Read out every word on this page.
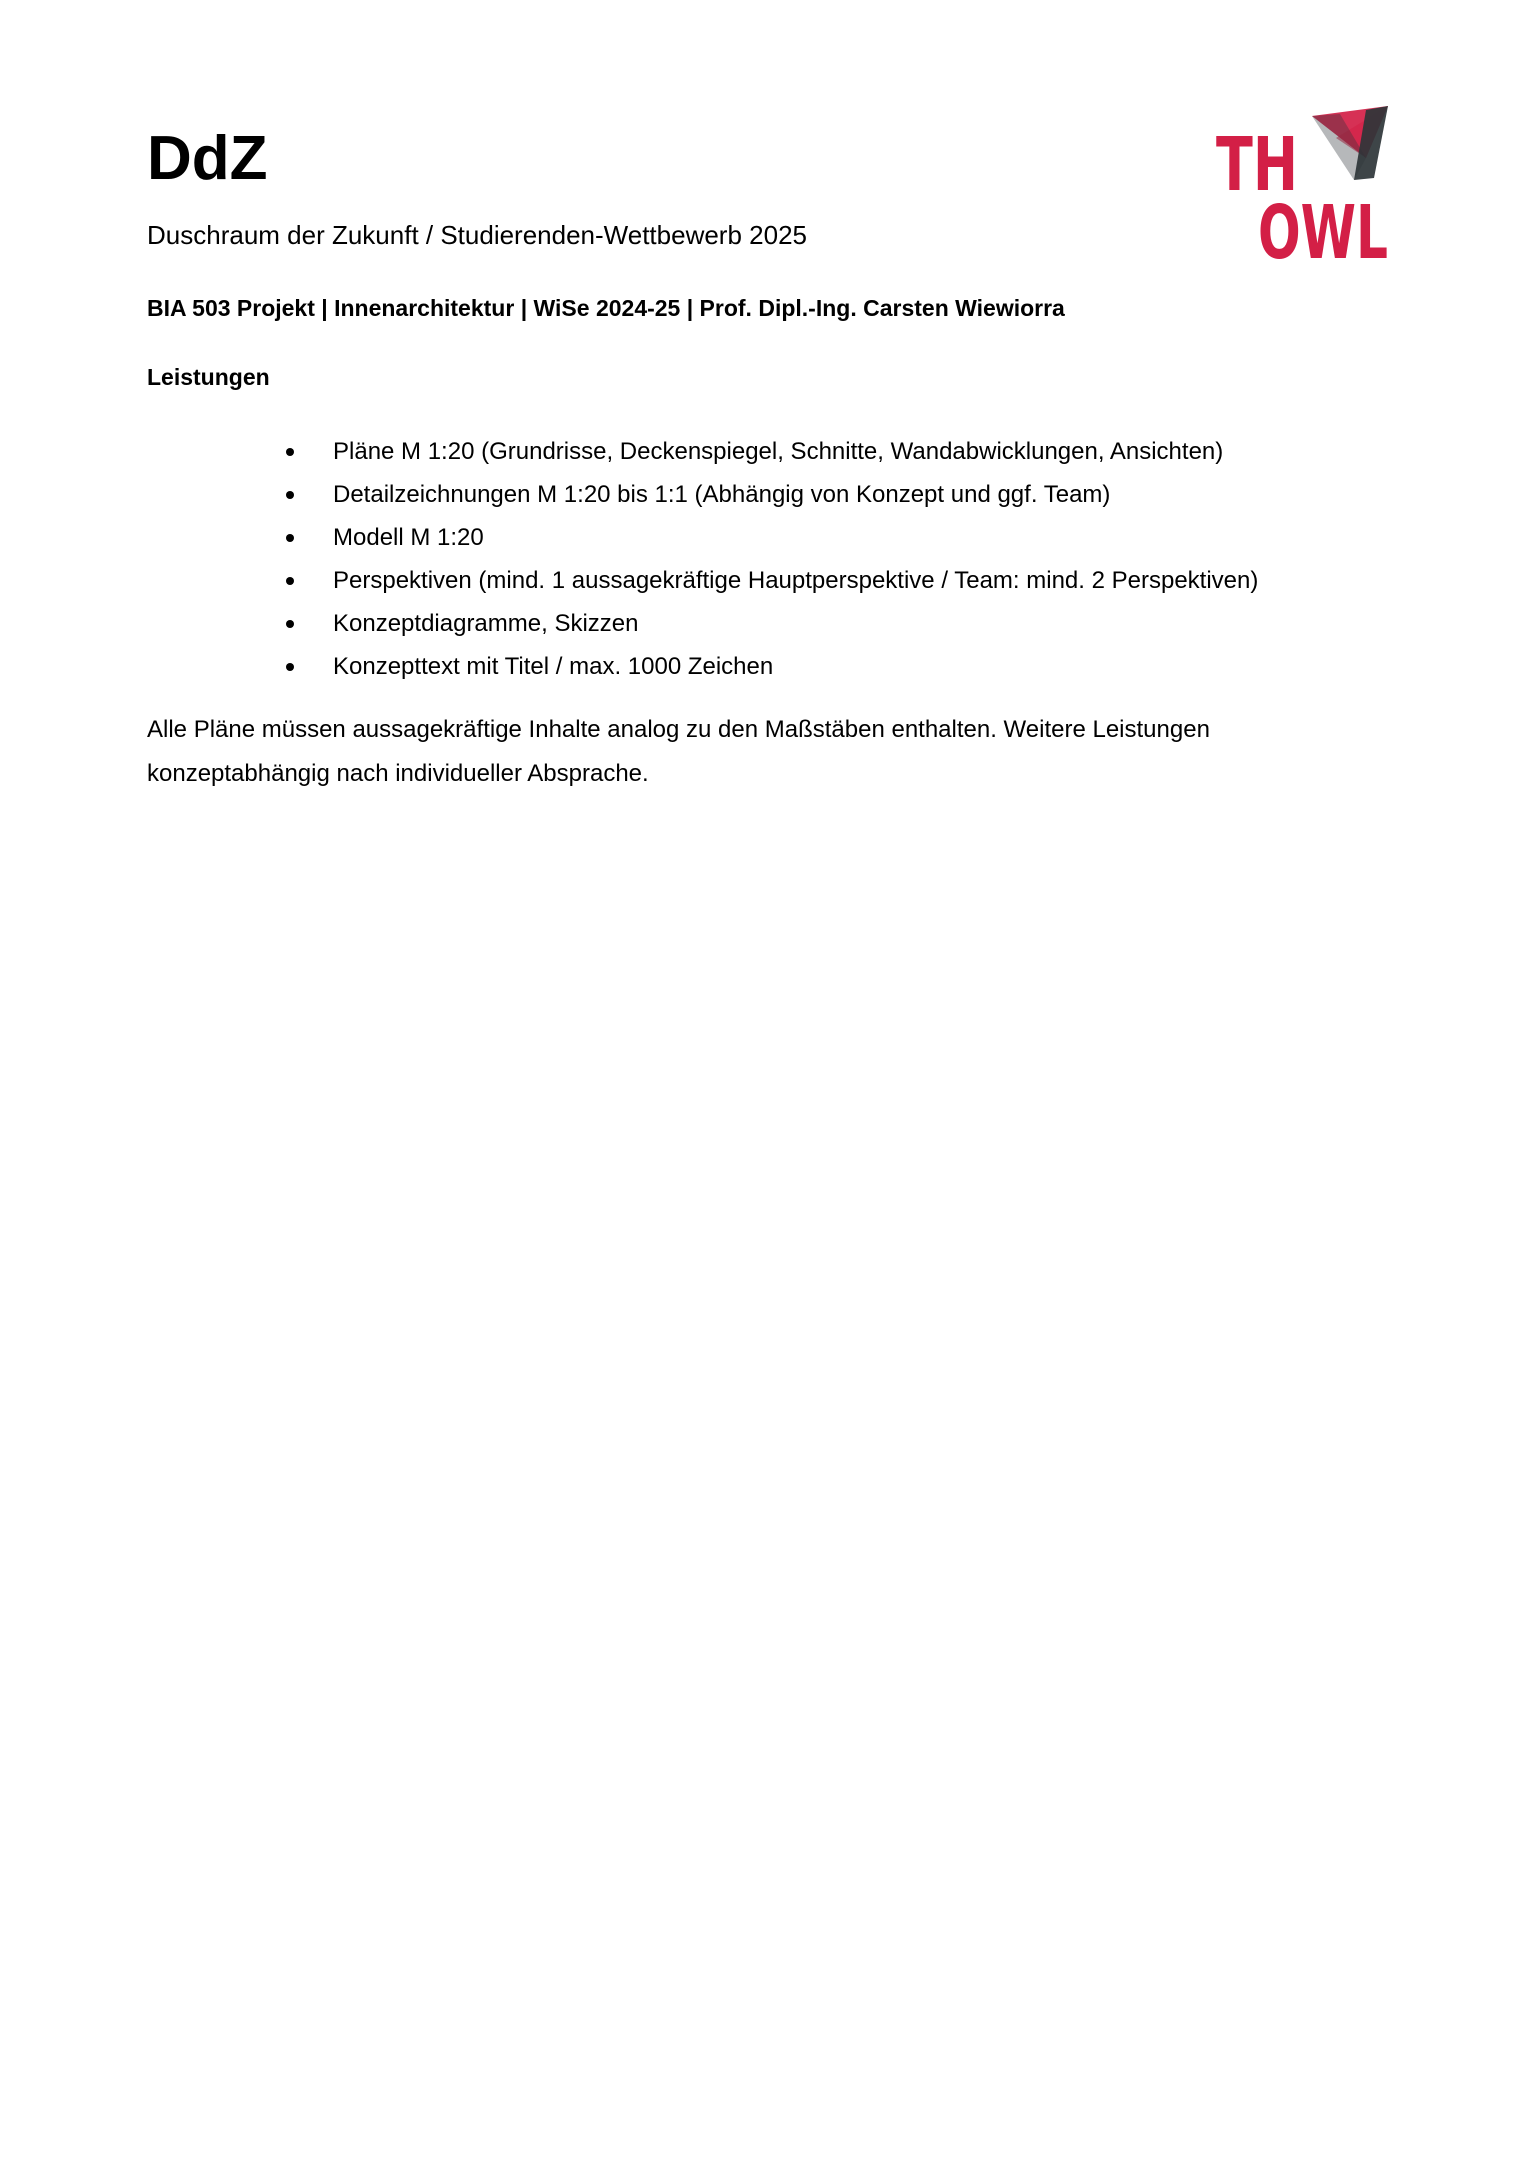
DdZ

Duschraum der Zukunft / Studierenden-Wettbewerb 2025

TH
OWL

BIA 503 Projekt | Innenarchitektur | WiSe 2024-25 | Prof. Dipl.-Ing. Carsten Wiewiorra

Leistungen

Pläne M 1:20 (Grundrisse, Deckenspiegel, Schnitte, Wandabwicklungen, Ansichten)
Detailzeichnungen M 1:20 bis 1:1 (Abhängig von Konzept und ggf. Team)
Modell M 1:20
Perspektiven (mind. 1 aussagekräftige Hauptperspektive / Team: mind. 2 Perspektiven)
Konzeptdiagramme, Skizzen
Konzepttext mit Titel / max. 1000 Zeichen

Alle Pläne müssen aussagekräftige Inhalte analog zu den Maßstäben enthalten. Weitere Leistungen konzeptabhängig nach individueller Absprache.
